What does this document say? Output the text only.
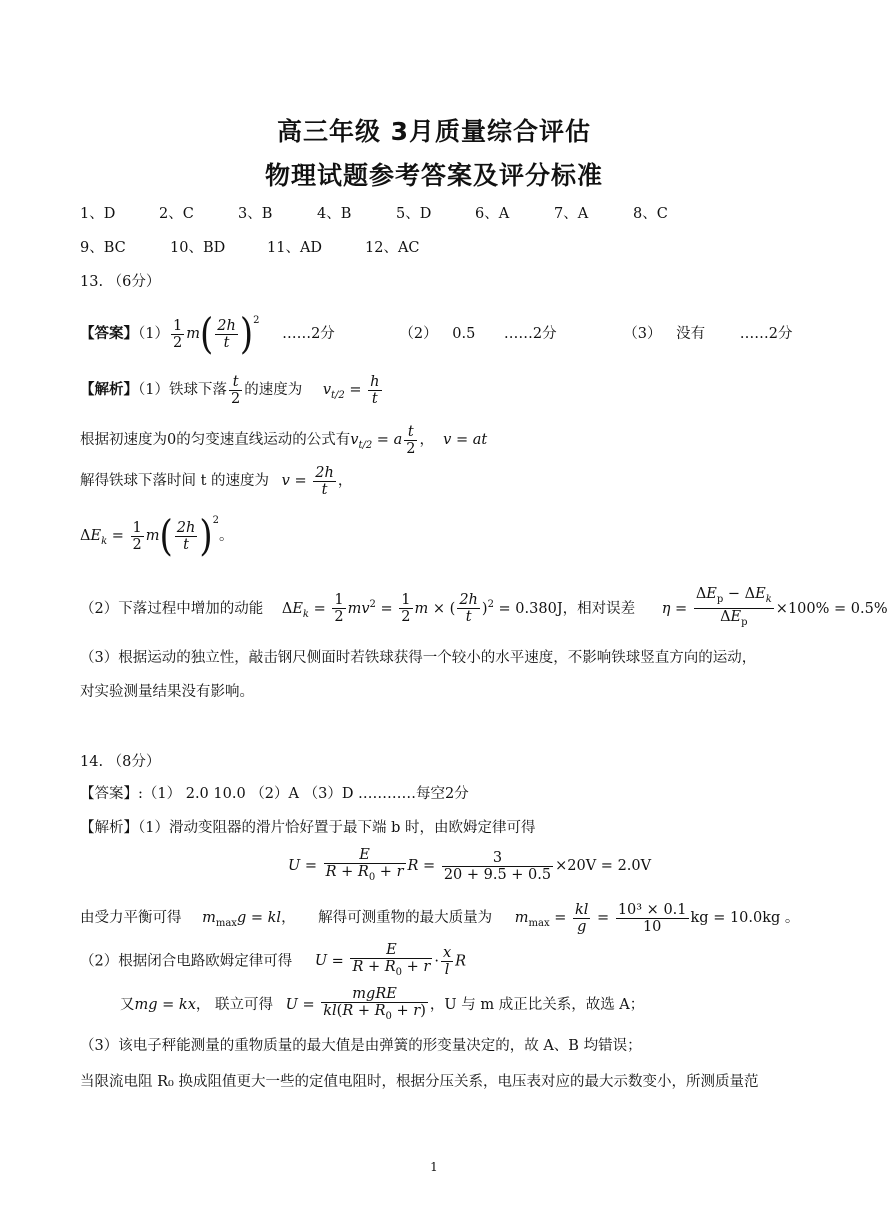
高三年级 3月质量综合评估
物理试题参考答案及评分标准
1、D	2、C	3、B	4、B	5、D	6、A	7、A	8、C
9、BC	10、BD	11、AD	12、AC
13. （6分）
【答案】$(1) \frac{1}{2} m( \frac{2h}{t} )^2$ ……2分	（2） 0.5 ……2分	（3） 没有 ……2分
【解析】（1）铁球下落 $\frac{t}{2}$ 的速度为 $v_{t/2} = \frac{h}{t}$
根据初速度为0的匀变速直线运动的公式有$v_{t/2} = a \frac{t}{2}$ ，  v = at
解得铁球下落时间 t 的速度为 $v = \frac{2h}{t}$ ，
$\Delta E_k = \frac{1}{2} m( \frac{2h}{t} )^2$。
（2）下落过程中增加的动能 $\Delta E_k = \frac{1}{2} mv^2 = \frac{1}{2}$ m × ( $\frac{2h}{t} )^2 = 0.380J$，相对误差 $\eta = \frac{\Delta E_p - \Delta E_k}{\Delta E_p} \times 100\% = 0.5\%$
（3）根据运动的独立性，敲击钢尺侧面时若铁球获得一个较小的水平速度，不影响铁球竖直方向的运动，
对实验测量结果没有影响。
14. （8分）
【答案】:（1） 2.0 10.0 （2）A （3）D …………每空2分
【解析】（1）滑动变阻器的滑片恰好置于最下端 b 时，由欧姆定律可得
$U = \frac{E}{R + R_0 + r}$ $R = \frac{3}{20 + 9.5 + 0.5} \times 20V = 2.0V$
由受力平衡可得 $m_{max}g$ = kl， 解得可测重物的最大质量为 $m_{max} = \frac{kl}{g} = \frac{\text{10³ × 0.1}}{10}$ kg = 10.0kg 。
（2）根据闭合电路欧姆定律可得 $U = \frac{E}{R + R_0 + r} \cdot \frac{x}{l}$ R
又mg = kx， 联立可得 $U = \frac{\text{mgRE}}{kl(R + R_0 + r)}$ ，U 与 m 成正比关系，故选 A；
（3）该电子秤能测量的重物质量的最大值是由弹簧的形变量决定的，故 A、B 均错误；
当限流电阻 R₀ 换成阻值更大一些的定值电阻时，根据分压关系，电压表对应的最大示数变小，所测质量范
1
